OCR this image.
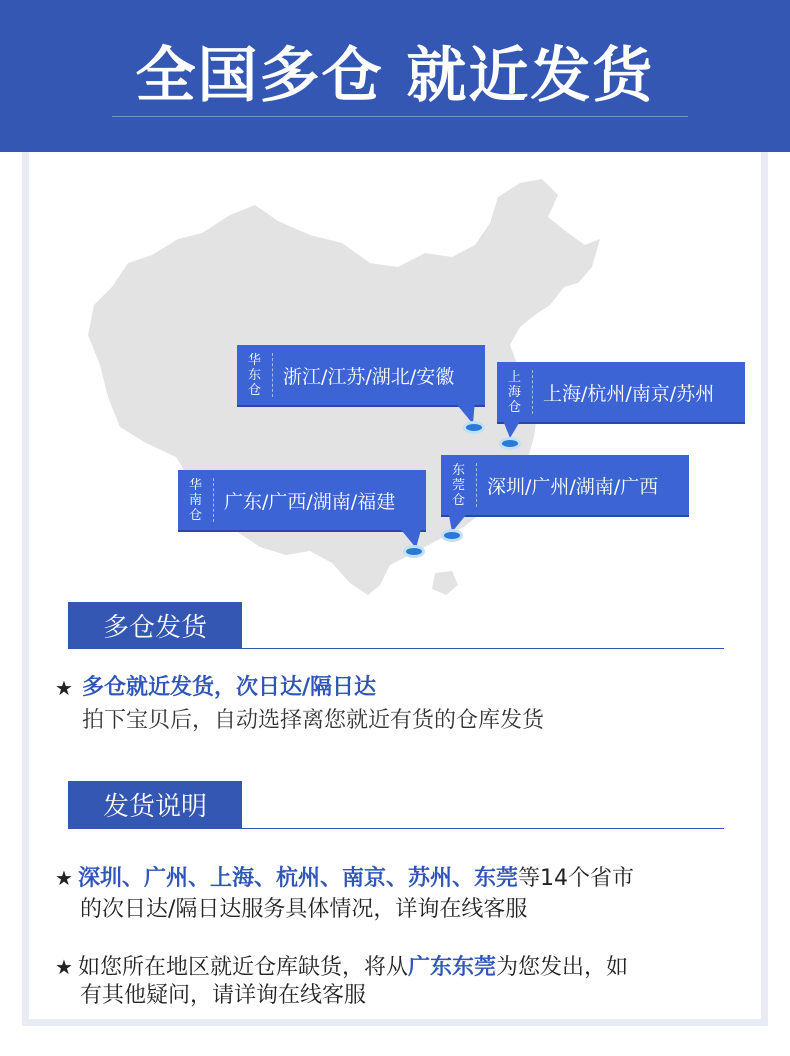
全国多仓 就近发货
华
东
仓
浙江/江苏/湖北/安徽	上
海
仓
上海/杭州/南京/苏州
华
南
仓
广东/广西/湖南/福建
东
莞
仓
深圳/广州/湖南/广西
多仓发货
★ 多仓就近发货，次日达/隔日达
拍下宝贝后，自动选择离您就近有货的仓库发货
发货说明
★ 深圳、广州、上海、杭州、南京、苏州、东莞等14个省市
的次日达/隔日达服务具体情况，详询在线客服
★ 如您所在地区就近仓库缺货，将从广东东莞为您发出，如
有其他疑问，请详询在线客服
